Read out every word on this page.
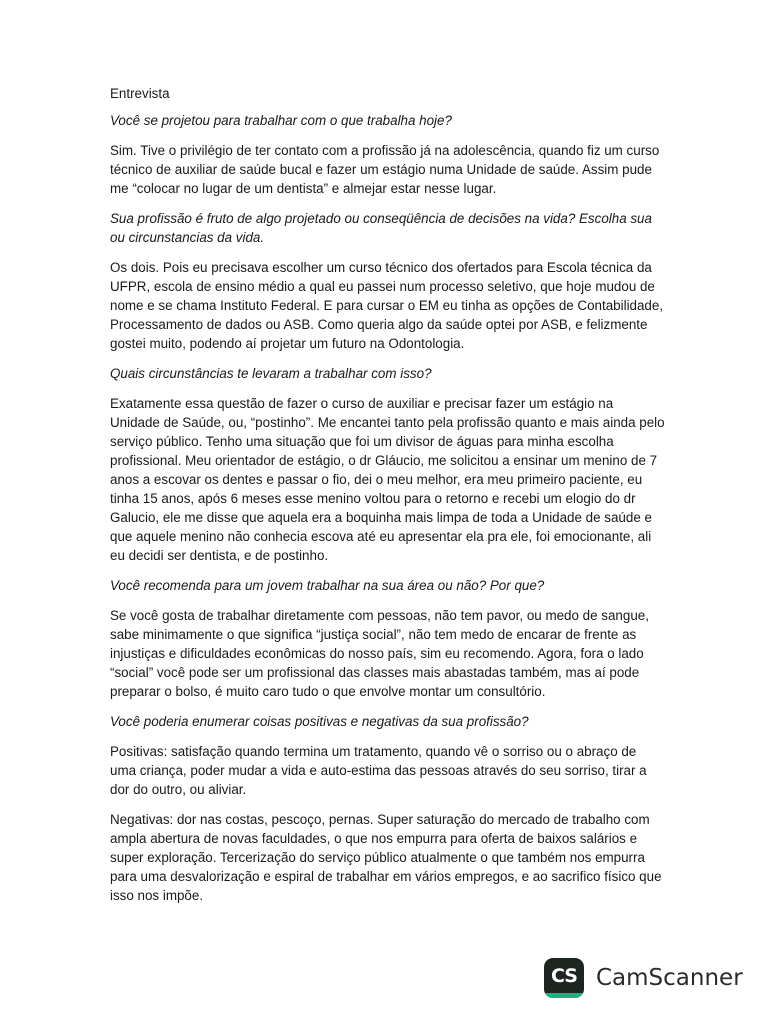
Entrevista

Você se projetou para trabalhar com o que trabalha hoje?

Sim. Tive o privilégio de ter contato com a profissão já na adolescência, quando fiz um curso técnico de auxiliar de saúde bucal e fazer um estágio numa Unidade de saúde. Assim pude me “colocar no lugar de um dentista” e almejar estar nesse lugar.

Sua profissão é fruto de algo projetado ou conseqüência de decisões na vida? Escolha sua ou circunstancias da vida.

Os dois. Pois eu precisava escolher um curso técnico dos ofertados para Escola técnica da UFPR, escola de ensino médio a qual eu passei num processo seletivo, que hoje mudou de nome e se chama Instituto Federal. E para cursar o EM eu tinha as opções de Contabilidade, Processamento de dados ou ASB. Como queria algo da saúde optei por ASB, e felizmente gostei muito, podendo aí projetar um futuro na Odontologia.

Quais circunstâncias te levaram a trabalhar com isso?

Exatamente essa questão de fazer o curso de auxiliar e precisar fazer um estágio na Unidade de Saúde, ou, “postinho”. Me encantei tanto pela profissão quanto e mais ainda pelo serviço público. Tenho uma situação que foi um divisor de águas para minha escolha profissional. Meu orientador de estágio, o dr Gláucio, me solicitou a ensinar um menino de 7 anos a escovar os dentes e passar o fio, dei o meu melhor, era meu primeiro paciente, eu tinha 15 anos, após 6 meses esse menino voltou para o retorno e recebi um elogio do dr Galucio, ele me disse que aquela era a boquinha mais limpa de toda a Unidade de saúde e que aquele menino não conhecia escova até eu apresentar ela pra ele, foi emocionante, ali eu decidi ser dentista, e de postinho.

Você recomenda para um jovem trabalhar na sua área ou não? Por que?

Se você gosta de trabalhar diretamente com pessoas, não tem pavor, ou medo de sangue, sabe minimamente o que significa “justiça social”, não tem medo de encarar de frente as injustiças e dificuldades econômicas do nosso país, sim eu recomendo. Agora, fora o lado “social” você pode ser um profissional das classes mais abastadas também, mas aí pode preparar o bolso, é muito caro tudo o que envolve montar um consultório.

Você poderia enumerar coisas positivas e negativas da sua profissão?

Positivas: satisfação quando termina um tratamento, quando vê o sorriso ou o abraço de uma criança, poder mudar a vida e auto-estima das pessoas através do seu sorriso, tirar a dor do outro, ou aliviar.

Negativas: dor nas costas, pescoço, pernas. Super saturação do mercado de trabalho com ampla abertura de novas faculdades, o que nos empurra para oferta de baixos salários e super exploração. Tercerização do serviço público atualmente o que também nos empurra para uma desvalorização e espiral de trabalhar em vários empregos, e ao sacrifico físico que isso nos impõe.

CS CamScanner
